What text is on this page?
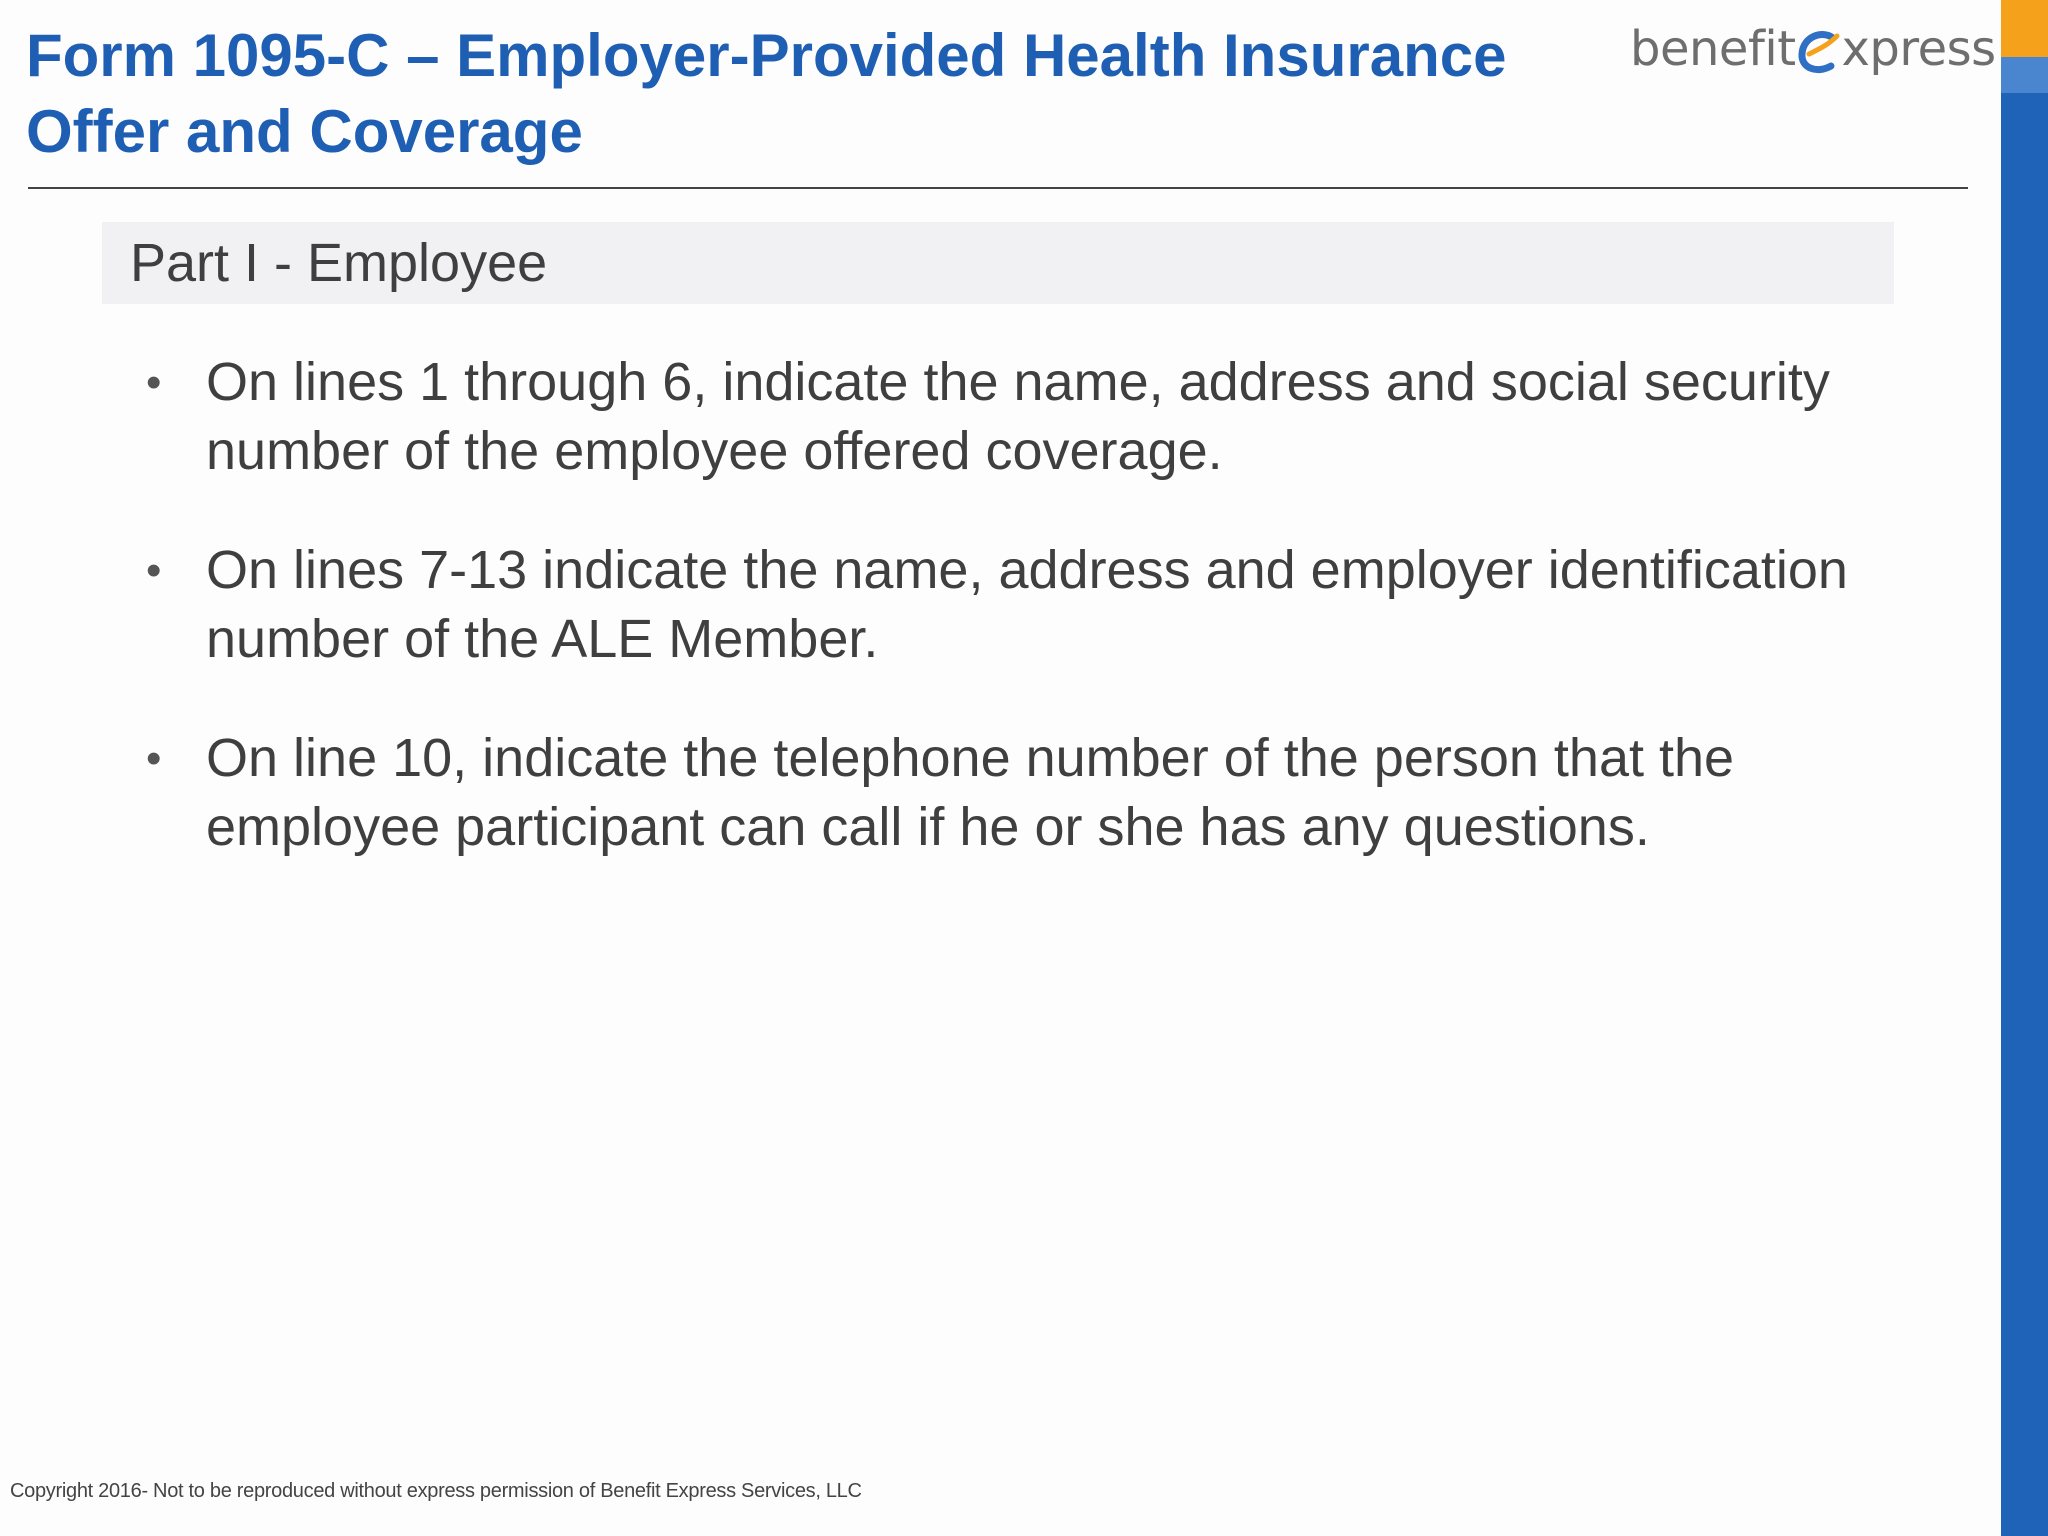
Form 1095-C – Employer-Provided Health Insurance Offer and Coverage
benefit xpress
Part I - Employee
• On lines 1 through 6, indicate the name, address and social security number of the employee offered coverage.
• On lines 7-13 indicate the name, address and employer identification number of the ALE Member.
• On line 10, indicate the telephone number of the person that the employee participant can call if he or she has any questions.
Copyright 2016- Not to be reproduced without express permission of Benefit Express Services, LLC
